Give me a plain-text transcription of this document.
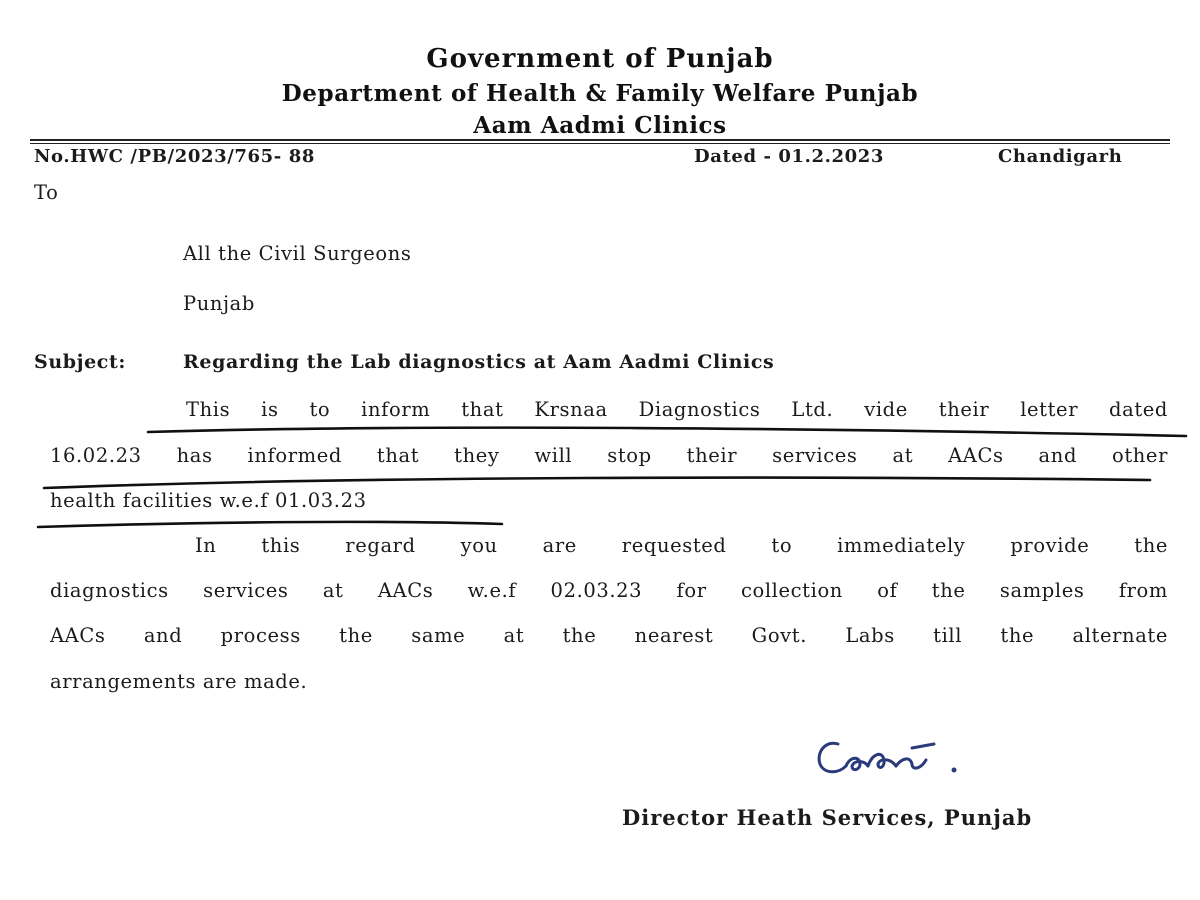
Government of Punjab
Department of Health & Family Welfare Punjab
Aam Aadmi Clinics
No.HWC /PB/2023/765- 88	Dated - 01.2.2023	Chandigarh
To
All the Civil Surgeons
Punjab
Subject:	Regarding the Lab diagnostics at Aam Aadmi Clinics
This is to inform that Krsnaa Diagnostics Ltd. vide their letter dated
16.02.23 has informed that they will stop their services at AACs and other
health facilities w.e.f 01.03.23
In this regard you are requested to immediately provide the
diagnostics services at AACs w.e.f 02.03.23 for collection of the samples from
AACs and process the same at the nearest Govt. Labs till the alternate
arrangements are made.
Director Heath Services, Punjab
